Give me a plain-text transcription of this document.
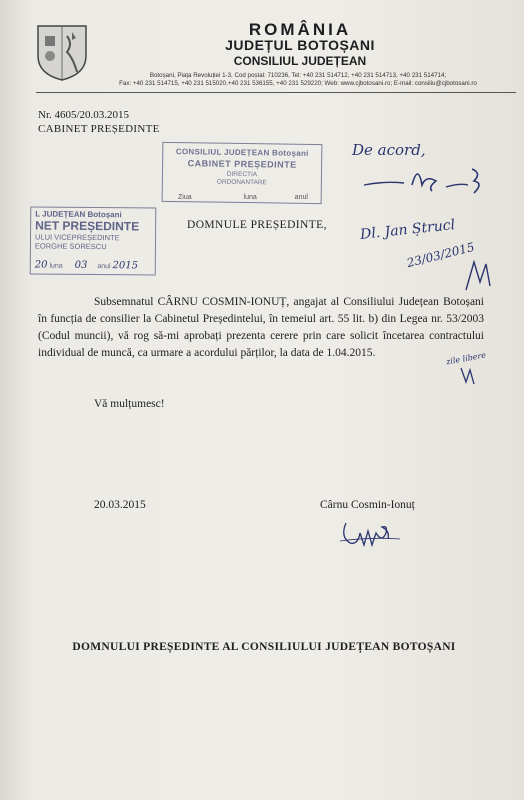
ROMÂNIA
JUDEȚUL BOTOȘANI
CONSILIUL JUDEȚEAN
Botoșani, Piața Revoluției 1-3, Cod poștal: 710236, Tel: +40 231 514712, +40 231 514713, +40 231 514714;
Fax: +40 231 514715, +40 231 515020,+40 231 536155, +40 231 529220; Web: www.cjbotosani.ro; E-mail: consiliu@cjbotosani.ro
Nr. 4605/20.03.2015
CABINET PREȘEDINTE
CONSILIUL JUDEȚEAN Botoșani
CABINET PREȘEDINTE
DIRECTIA
ORDONANTARE
Ziua	luna	anul
L JUDEȚEAN Botoșani
NET PREȘEDINTE
ULUI VICEPREȘEDINTE
EORGHE SORESCU
20 luna 03 anul 2015
De acord,
DOMNULE PREȘEDINTE, Dl. Jan Ștrucl
23/03/2015

Subsemnatul CÂRNU COSMIN-IONUȚ, angajat al Consiliului Județean Botoșani în funcția de consilier la Cabinetul Președintelui, în temeiul art. 55 lit. b) din Legea nr. 53/2003 (Codul muncii), vă rog să-mi aprobați prezenta cerere prin care solicit încetarea contractului individual de muncă, ca urmare a acordului părților, la data de 1.04.2015.	zile libere
Vă mulțumesc!
20.03.2015	Cârnu Cosmin-Ionuț
DOMNULUI PREȘEDINTE AL CONSILIULUI JUDEȚEAN BOTOȘANI
